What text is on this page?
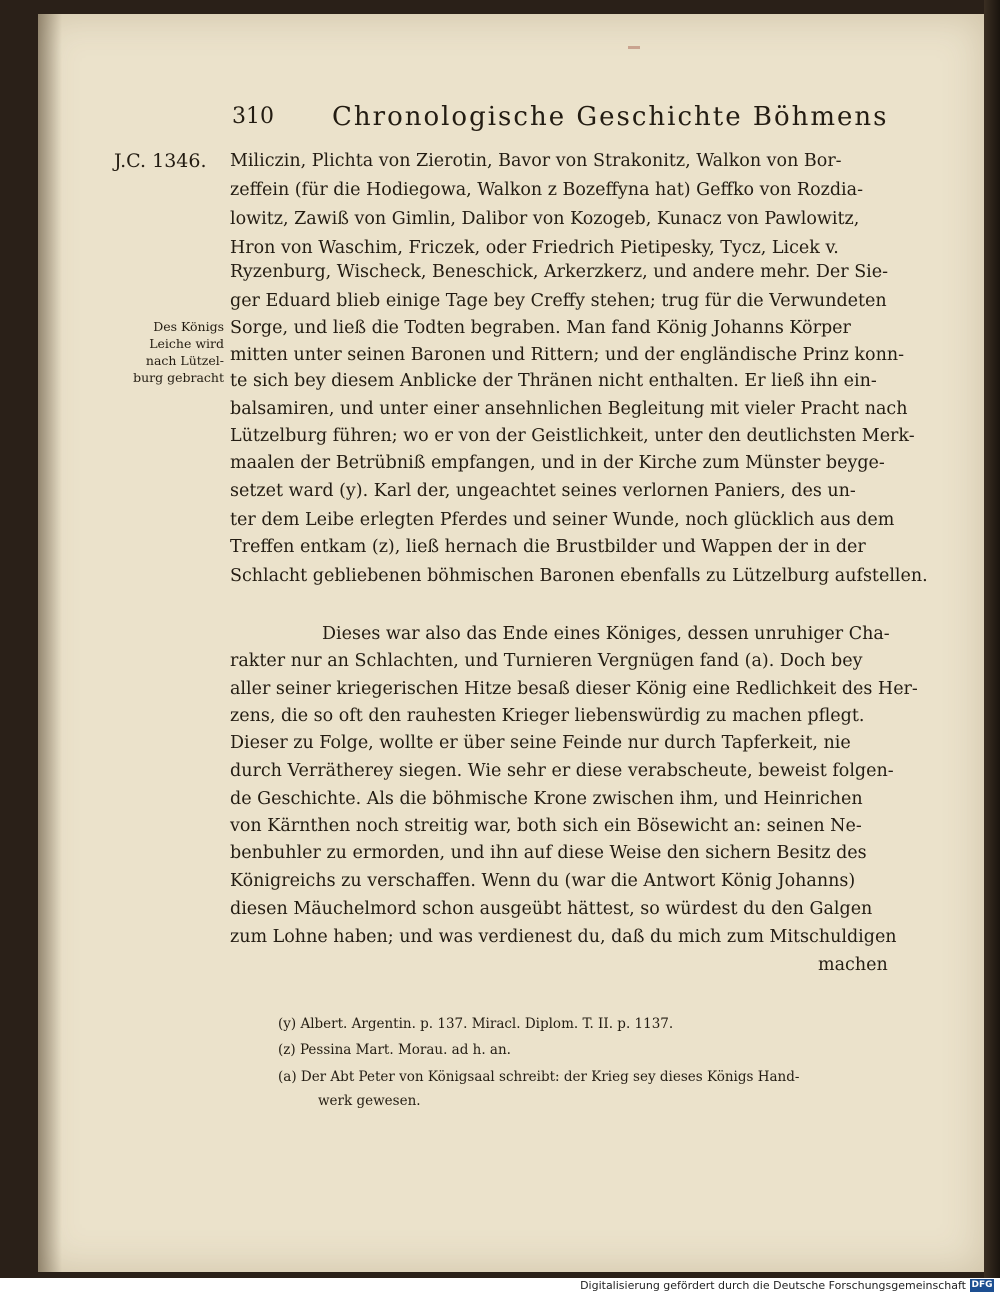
310 Chronologische Geschichte Böhmens
J.C. 1346.
Des Königs
Leiche wird
nach Lützel-
burg gebracht
Miliczin, Plichta von Zierotin, Bavor von Strakonitz, Walkon von Bor-
zeffein (für die Hodiegowa, Walkon z Bozeffyna hat) Geffko von Rozdia-
lowitz, Zawiß von Gimlin, Dalibor von Kozogeb, Kunacz von Pawlowitz,
Hron von Waschim, Friczek, oder Friedrich Pietipesky, Tycz, Licek v.
Ryzenburg, Wischeck, Beneschick, Arkerzkerz, und andere mehr. Der Sie-
ger Eduard blieb einige Tage bey Creffy stehen; trug für die Verwundeten
Sorge, und ließ die Todten begraben. Man fand König Johanns Körper
mitten unter seinen Baronen und Rittern; und der engländische Prinz konn-
te sich bey diesem Anblicke der Thränen nicht enthalten. Er ließ ihn ein-
balsamiren, und unter einer ansehnlichen Begleitung mit vieler Pracht nach
Lützelburg führen; wo er von der Geistlichkeit, unter den deutlichsten Merk-
maalen der Betrübniß empfangen, und in der Kirche zum Münster beyge-
setzet ward (y). Karl der, ungeachtet seines verlornen Paniers, des un-
ter dem Leibe erlegten Pferdes und seiner Wunde, noch glücklich aus dem
Treffen entkam (z), ließ hernach die Brustbilder und Wappen der in der
Schlacht gebliebenen böhmischen Baronen ebenfalls zu Lützelburg aufstellen.
Dieses war also das Ende eines Königes, dessen unruhiger Cha-
rakter nur an Schlachten, und Turnieren Vergnügen fand (a). Doch bey
aller seiner kriegerischen Hitze besaß dieser König eine Redlichkeit des Her-
zens, die so oft den rauhesten Krieger liebenswürdig zu machen pflegt.
Dieser zu Folge, wollte er über seine Feinde nur durch Tapferkeit, nie
durch Verrätherey siegen. Wie sehr er diese verabscheute, beweist folgen-
de Geschichte. Als die böhmische Krone zwischen ihm, und Heinrichen
von Kärnthen noch streitig war, both sich ein Bösewicht an: seinen Ne-
benbuhler zu ermorden, und ihn auf diese Weise den sichern Besitz des
Königreichs zu verschaffen. Wenn du (war die Antwort König Johanns)
diesen Mäuchelmord schon ausgeübt hättest, so würdest du den Galgen
zum Lohne haben; und was verdienest du, daß du mich zum Mitschuldigen
machen
(y) Albert. Argentin. p. 137. Miracl. Diplom. T. II. p. 1137.
(z) Pessina Mart. Morau. ad h. an.
(a) Der Abt Peter von Königsaal schreibt: der Krieg sey dieses Königs Hand-
werk gewesen.
Digitalisierung gefördert durch die Deutsche Forschungsgemeinschaft DFG
